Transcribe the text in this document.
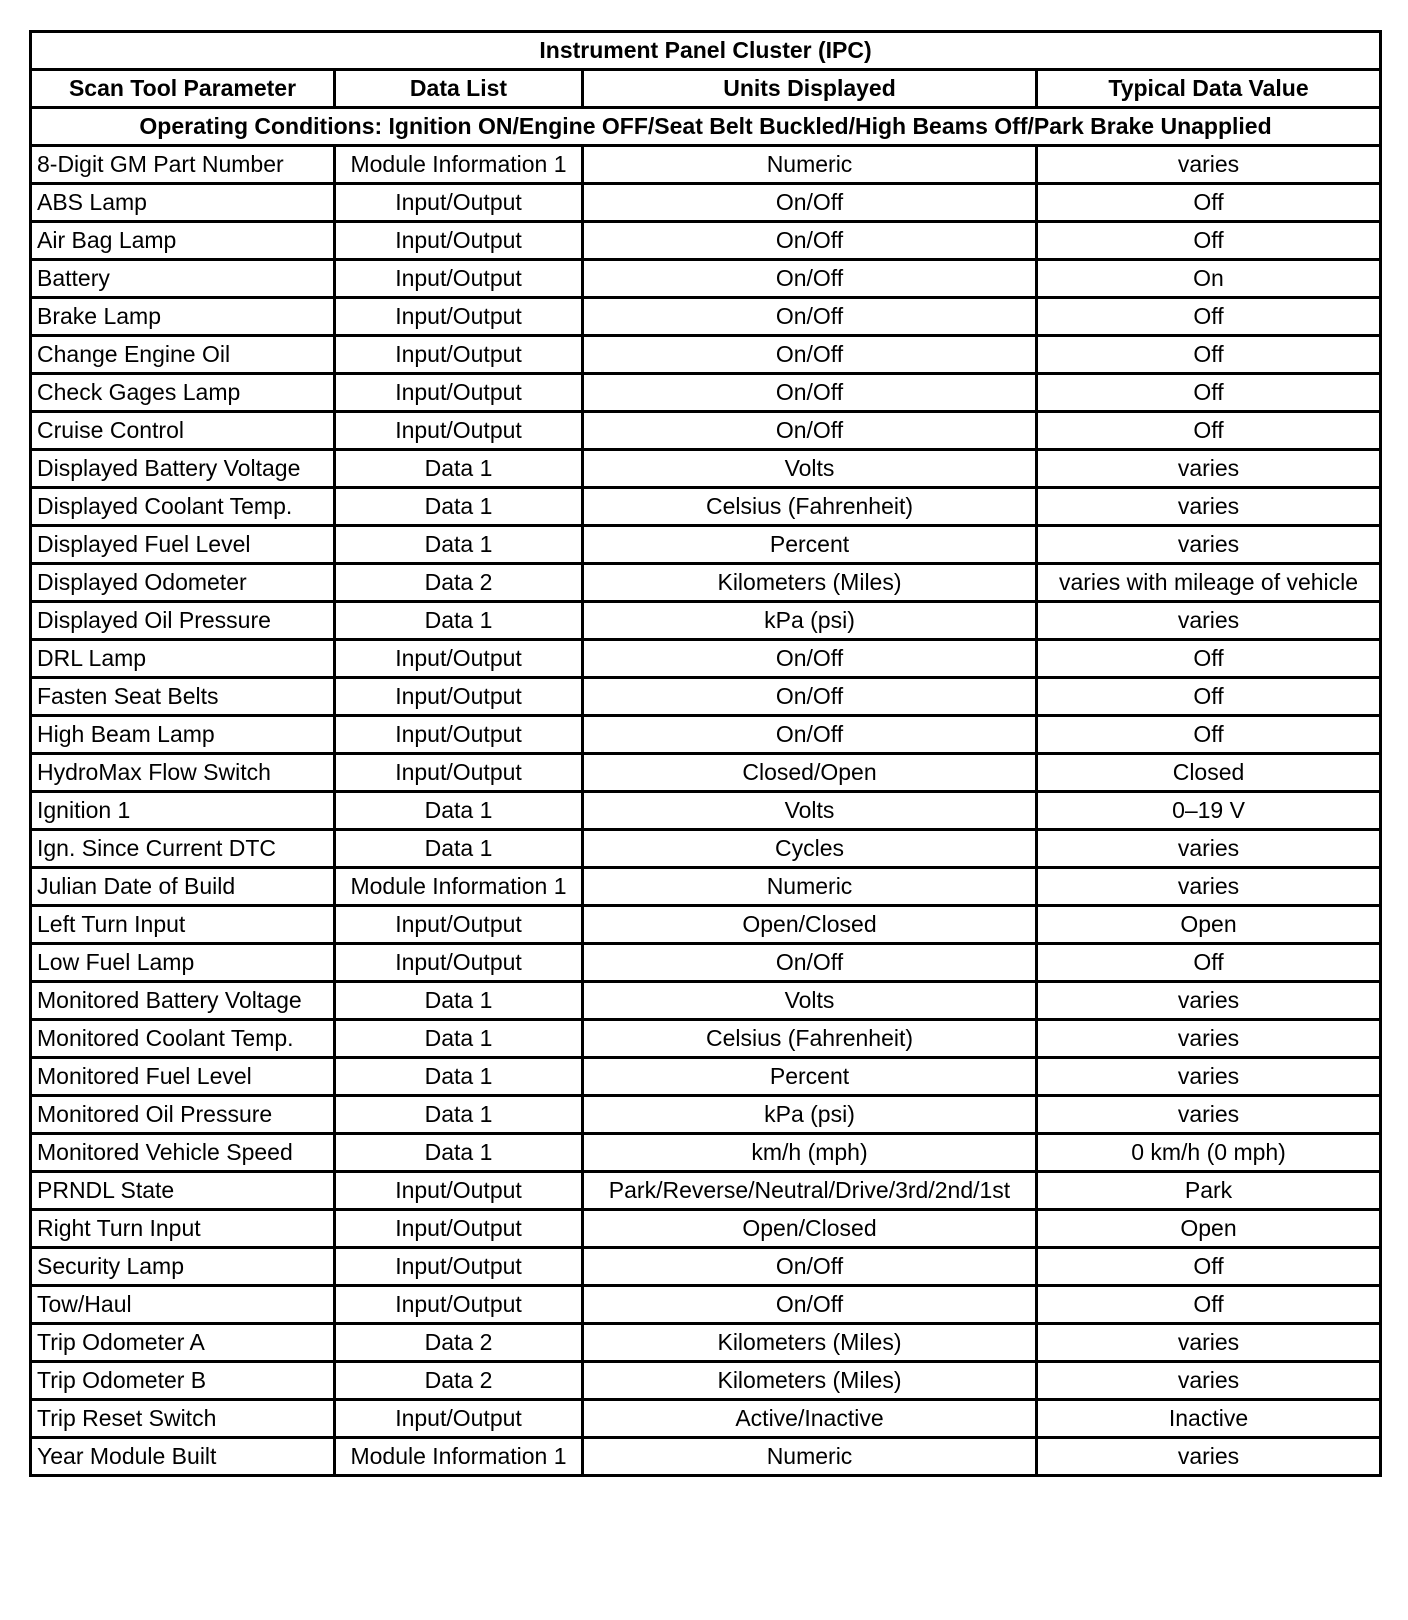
Instrument Panel Cluster (IPC)			
Scan Tool Parameter	Data List	Units Displayed	Typical Data Value
Operating Conditions: Ignition ON/Engine OFF/Seat Belt Buckled/High Beams Off/Park Brake Unapplied			
8-Digit GM Part Number	Module Information 1	Numeric	varies
ABS Lamp	Input/Output	On/Off	Off
Air Bag Lamp	Input/Output	On/Off	Off
Battery	Input/Output	On/Off	On
Brake Lamp	Input/Output	On/Off	Off
Change Engine Oil	Input/Output	On/Off	Off
Check Gages Lamp	Input/Output	On/Off	Off
Cruise Control	Input/Output	On/Off	Off
Displayed Battery Voltage	Data 1	Volts	varies
Displayed Coolant Temp.	Data 1	Celsius (Fahrenheit)	varies
Displayed Fuel Level	Data 1	Percent	varies
Displayed Odometer	Data 2	Kilometers (Miles)	varies with mileage of vehicle
Displayed Oil Pressure	Data 1	kPa (psi)	varies
DRL Lamp	Input/Output	On/Off	Off
Fasten Seat Belts	Input/Output	On/Off	Off
High Beam Lamp	Input/Output	On/Off	Off
HydroMax Flow Switch	Input/Output	Closed/Open	Closed
Ignition 1	Data 1	Volts	0–19 V
Ign. Since Current DTC	Data 1	Cycles	varies
Julian Date of Build	Module Information 1	Numeric	varies
Left Turn Input	Input/Output	Open/Closed	Open
Low Fuel Lamp	Input/Output	On/Off	Off
Monitored Battery Voltage	Data 1	Volts	varies
Monitored Coolant Temp.	Data 1	Celsius (Fahrenheit)	varies
Monitored Fuel Level	Data 1	Percent	varies
Monitored Oil Pressure	Data 1	kPa (psi)	varies
Monitored Vehicle Speed	Data 1	km/h (mph)	0 km/h (0 mph)
PRNDL State	Input/Output	Park/Reverse/Neutral/Drive/3rd/2nd/1st	Park
Right Turn Input	Input/Output	Open/Closed	Open
Security Lamp	Input/Output	On/Off	Off
Tow/Haul	Input/Output	On/Off	Off
Trip Odometer A	Data 2	Kilometers (Miles)	varies
Trip Odometer B	Data 2	Kilometers (Miles)	varies
Trip Reset Switch	Input/Output	Active/Inactive	Inactive
Year Module Built	Module Information 1	Numeric	varies
